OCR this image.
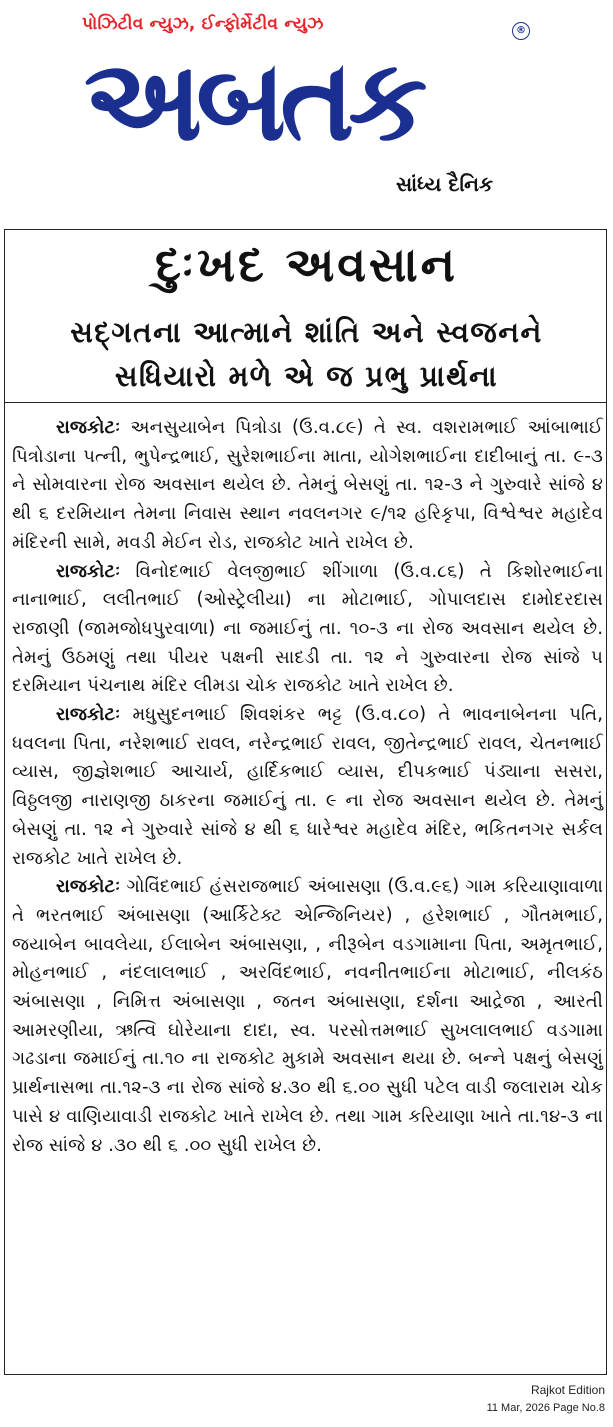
પોઝિટીવ ન્યુઝ, ઈન્ફોર્મેટીવ ન્યુઝ	®
અબતક
સાંધ્ય દૈનિક
દુઃખદ અવસાન
સદ્ગતના આત્માને શાંતિ અને સ્વજનને
સધિયારો મળે એ જ પ્રભુ પ્રાર્થના

રાજકોટઃ અનસુયાબેન પિત્રોડા (ઉ.વ.૮૯) તે સ્વ. વશરામભાઈ આંબાભાઈ પિત્રોડાના પત્ની, ભુપેન્દ્રભાઈ, સુરેશભાઈના માતા, યોગેશભાઈના દાદીબાનું તા. ૯-૩ ને સોમવારના રોજ અવસાન થયેલ છે. તેમનું બેસણું તા. ૧૨-૩ ને ગુરુવારે સાંજે ૪ થી ૬ દરમિયાન તેમના નિવાસ સ્થાન નવલનગર ૯/૧૨ હરિકૃપા, વિશ્વેશ્વર મહાદેવ મંદિરની સામે, મવડી મેઈન રોડ, રાજકોટ ખાતે રાખેલ છે.

રાજકોટઃ વિનોદભાઈ વેલજીભાઈ શીંગાળા (ઉ.વ.૮૬) તે કિશોરભાઈના નાનાભાઈ, લલીતભાઈ (ઓસ્ટ્રેલીયા) ના મોટાભાઈ, ગોપાલદાસ દામોદરદાસ રાજાણી (જામજોધપુરવાળા) ના જમાઈનું તા. ૧૦-૩ ના રોજ અવસાન થયેલ છે. તેમનું ઉઠમણું તથા પીયર પક્ષની સાદડી તા. ૧૨ ને ગુરુવારના રોજ સાંજે ૫ દરમિયાન પંચનાથ મંદિર લીમડા ચોક રાજકોટ ખાતે રાખેલ છે.

રાજકોટઃ મધુસુદનભાઈ શિવશંકર ભટ્ટ (ઉ.વ.૮૦) તે ભાવનાબેનના પતિ, ધવલના પિતા, નરેશભાઈ રાવલ, નરેન્દ્રભાઈ રાવલ, જીતેન્દ્રભાઈ રાવલ, ચેતનભાઈ વ્યાસ, જીજ્ઞેશભાઈ આચાર્ય, હાર્દિકભાઈ વ્યાસ, દીપકભાઈ પંડ્યાના સસરા, વિઠ્ઠલજી નારાણજી ઠાકરના જમાઈનું તા. ૯ ના રોજ અવસાન થયેલ છે. તેમનું બેસણું તા. ૧૨ ને ગુરુવારે સાંજે ૪ થી ૬ ધારેશ્વર મહાદેવ મંદિર, ભકિતનગર સર્કલ રાજકોટ ખાતે રાખેલ છે.

રાજકોટઃ ગોવિંદભાઈ હંસરાજભાઈ અંબાસણા (ઉ.વ.૯૬) ગામ કરિયાણાવાળા તે ભરતભાઈ અંબાસણા (આર્કિટેક્ટ એન્જિનિયર) , હરેશભાઈ , ગૌતમભાઈ, જયાબેન બાવલેયા, ઈલાબેન અંબાસણા, , નીરૂબેન વડગામાના પિતા, અમૃતભાઈ, મોહનભાઈ , નંદલાલભાઈ , અરવિંદભાઈ, નવનીતભાઈના મોટાભાઈ, નીલકંઠ અંબાસણા , નિમિત્ત અંબાસણા , જતન અંબાસણા, દર્શના આદ્રેજા , આરતી આમરણીયા, ઋત્વિ ઘોરેયાના દાદા, સ્વ. પરસોત્તમભાઈ સુખલાલભાઈ વડગામા ગઢડાના જમાઈનું તા.૧૦ ના રાજકોટ મુકામે અવસાન થયા છે. બન્ને પક્ષનું બેસણું પ્રાર્થનાસભા તા.૧૨-૩ ના રોજ સાંજે ૪.૩૦ થી ૬.૦૦ સુધી પટેલ વાડી જલારામ ચોક પાસે ૪ વાણિયાવાડી રાજકોટ ખાતે રાખેલ છે. તથા ગામ કરિયાણા ખાતે તા.૧૪-૩ ના રોજ સાંજે ૪ .૩૦ થી ૬ .૦૦ સુધી રાખેલ છે.

Rajkot Edition
11 Mar, 2026 Page No.8
